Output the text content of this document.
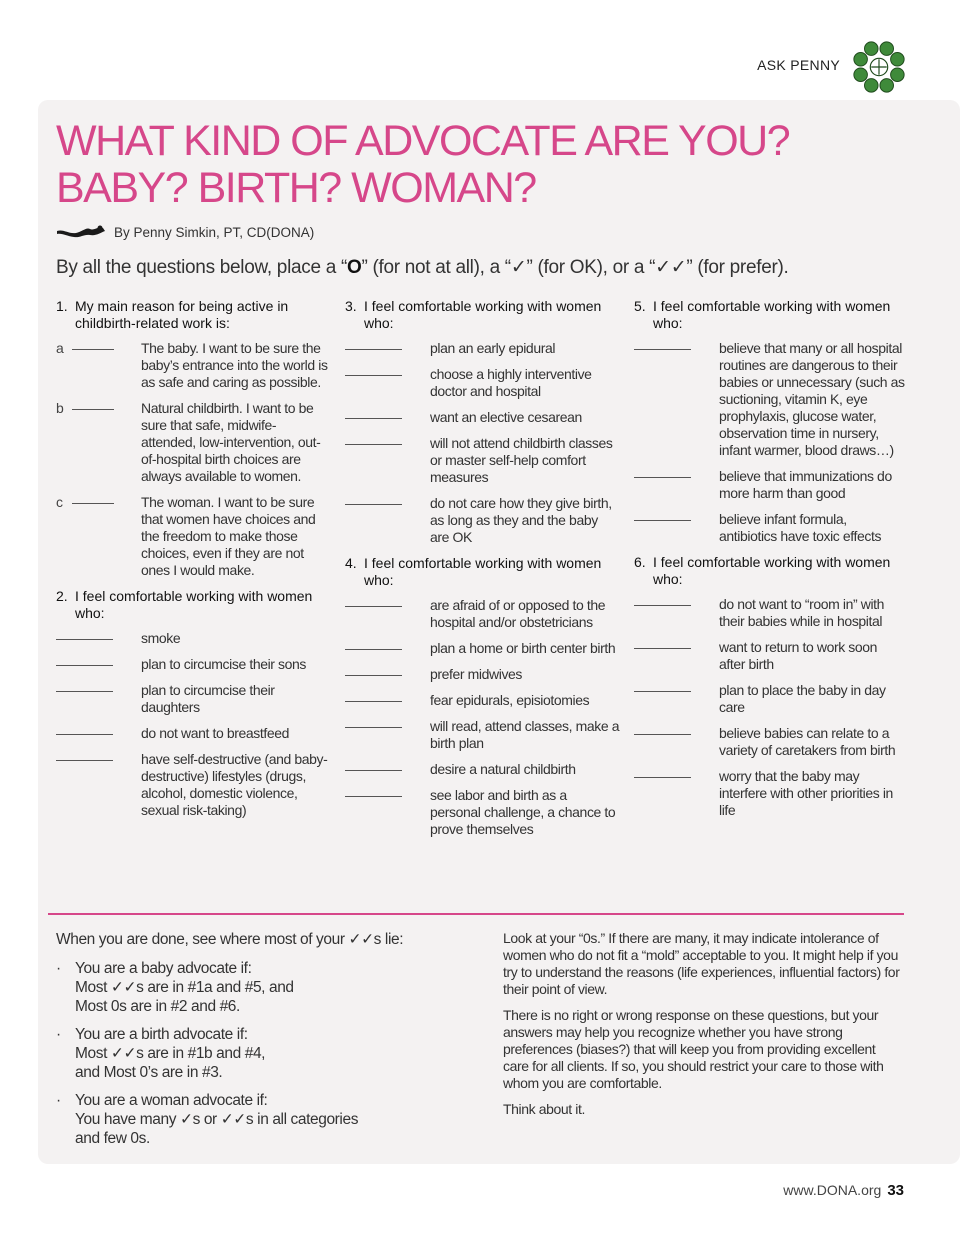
ASK PENNY
WHAT KIND OF ADVOCATE ARE YOU?
BABY? BIRTH? WOMAN?
By Penny Simkin, PT, CD(DONA)
By all the questions below, place a “O” (for not at all), a “✓” (for OK), or a “✓✓” (for prefer).
1. My main reason for being active in childbirth-related work is:
a	The baby. I want to be sure the baby’s entrance into the world is as safe and caring as possible.
b	Natural childbirth. I want to be sure that safe, midwife-attended, low-intervention, out-of-hospital birth choices are always available to women.
c	The woman. I want to be sure that women have choices and the freedom to make those choices, even if they are not ones I would make.
2. I feel comfortable working with women who:
smoke
plan to circumcise their sons
plan to circumcise their daughters
do not want to breastfeed
have self-destructive (and baby-destructive) lifestyles (drugs, alcohol, domestic violence, sexual risk-taking)
3. I feel comfortable working with women who:
plan an early epidural
choose a highly interventive doctor and hospital
want an elective cesarean
will not attend childbirth classes or master self-help comfort measures
do not care how they give birth, as long as they and the baby are OK
4. I feel comfortable working with women who:
are afraid of or opposed to the hospital and/or obstetricians
plan a home or birth center birth
prefer midwives
fear epidurals, episiotomies
will read, attend classes, make a birth plan
desire a natural childbirth
see labor and birth as a personal challenge, a chance to prove themselves
5. I feel comfortable working with women who:
believe that many or all hospital routines are dangerous to their babies or unnecessary (such as suctioning, vitamin K, eye prophylaxis, glucose water, observation time in nursery, infant warmer, blood draws…)
believe that immunizations do more harm than good
believe infant formula, antibiotics have toxic effects
6. I feel comfortable working with women who:
do not want to “room in” with their babies while in hospital
want to return to work soon after birth
plan to place the baby in day care
believe babies can relate to a variety of caretakers from birth
worry that the baby may interfere with other priorities in life

When you are done, see where most of your ✓✓s lie:

· You are a baby advocate if:
Most ✓✓s are in #1a and #5, and
Most 0s are in #2 and #6.
· You are a birth advocate if:
Most ✓✓s are in #1b and #4,
and Most 0’s are in #3.
· You are a woman advocate if:
You have many ✓s or ✓✓s in all categories
and few 0s.

Look at your “0s.” If there are many, it may indicate intolerance of women who do not fit a “mold” acceptable to you. It might help if you try to understand the reasons (life experiences, influential factors) for their point of view.

There is no right or wrong response on these questions, but your answers may help you recognize whether you have strong preferences (biases?) that will keep you from providing excellent care for all clients. If so, you should restrict your care to those with whom you are comfortable.

Think about it.

www.DONA.org 33
